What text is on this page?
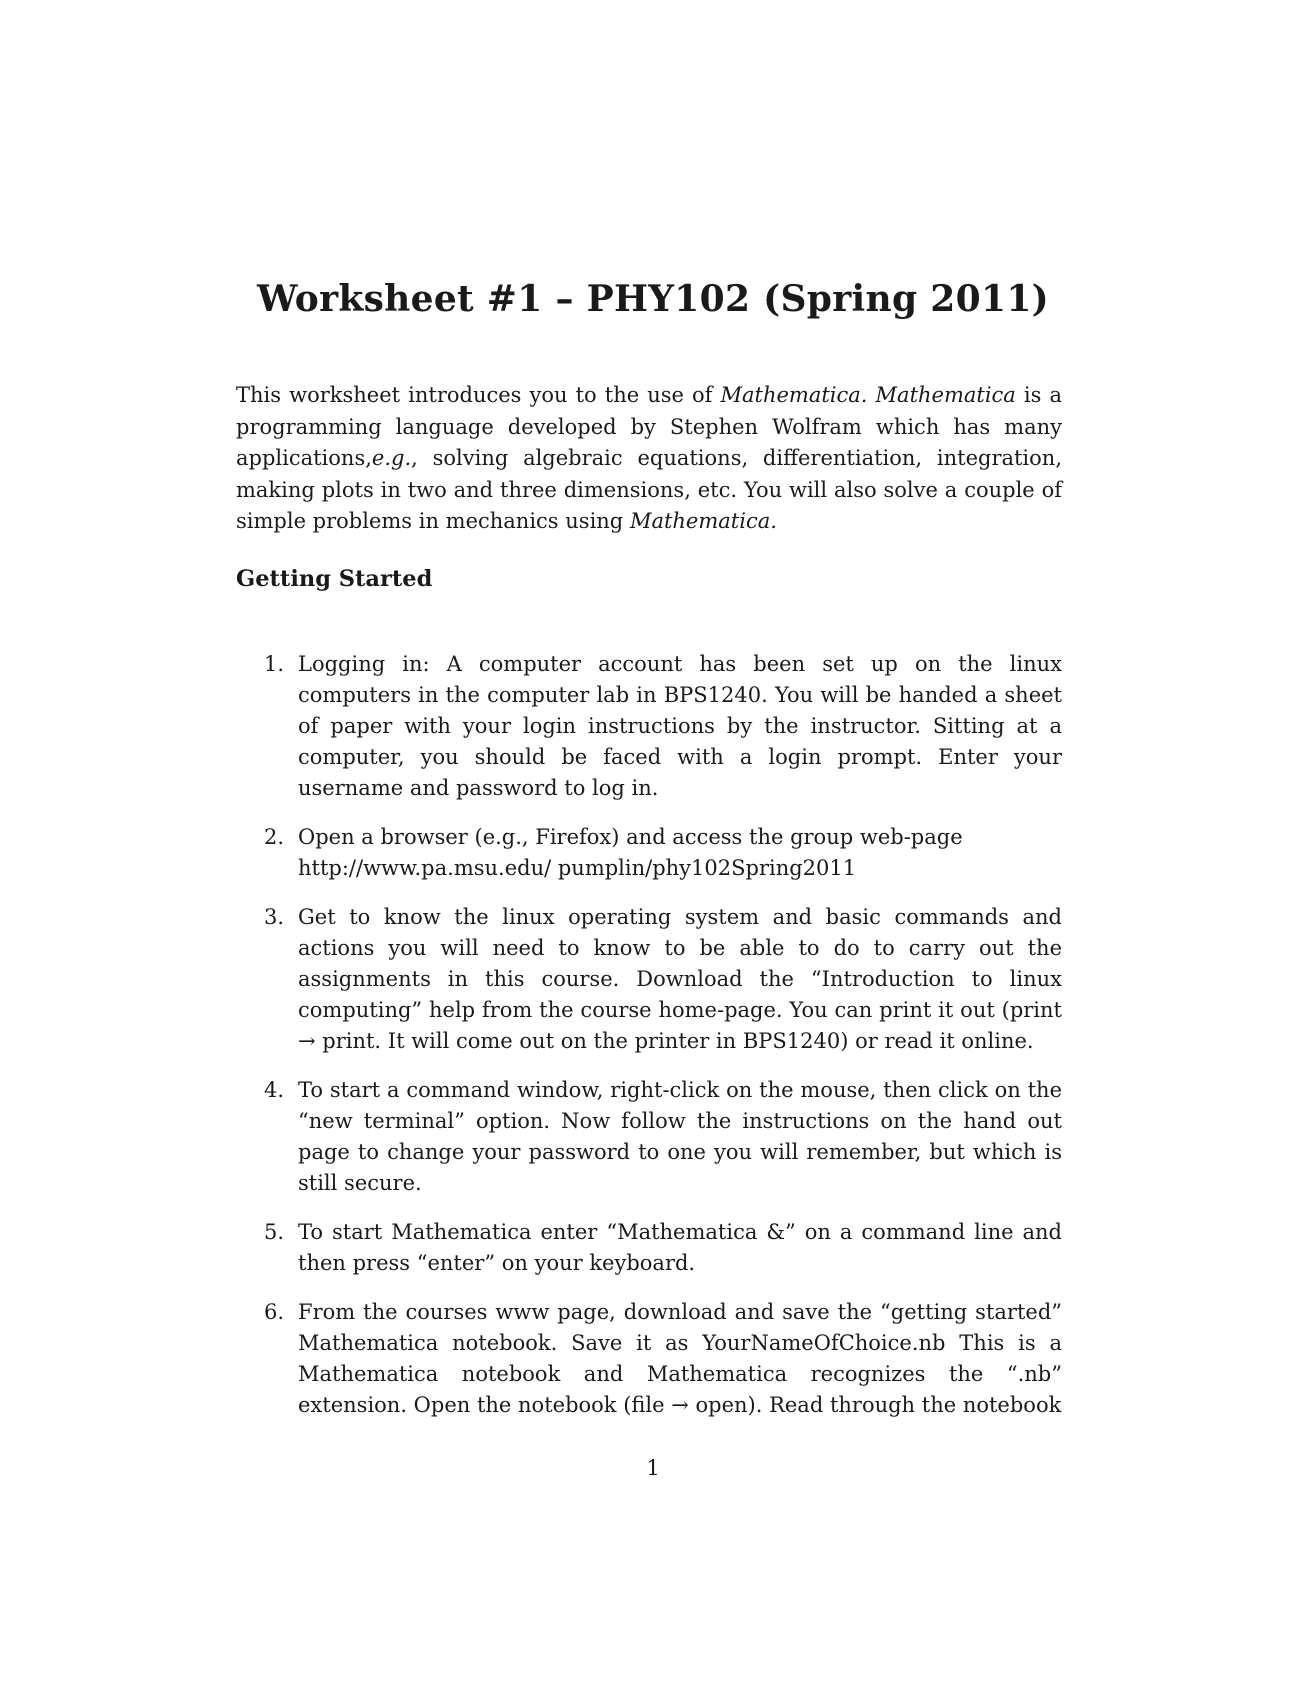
Worksheet #1 – PHY102 (Spring 2011)

This worksheet introduces you to the use of Mathematica. Mathematica is a programming language developed by Stephen Wolfram which has many applications,e.g., solving algebraic equations, differentiation, integration, making plots in two and three dimensions, etc. You will also solve a couple of simple problems in mechanics using Mathematica.

Getting Started
1. Logging in: A computer account has been set up on the linux computers in the computer lab in BPS1240. You will be handed a sheet of paper with your login instructions by the instructor. Sitting at a computer, you should be faced with a login prompt. Enter your username and password to log in.
2. Open a browser (e.g., Firefox) and access the group web-page
http://www.pa.msu.edu/ pumplin/phy102Spring2011
3. Get to know the linux operating system and basic commands and actions you will need to know to be able to do to carry out the assignments in this course. Download the “Introduction to linux computing” help from the course home-page. You can print it out (print → print. It will come out on the printer in BPS1240) or read it online.
4. To start a command window, right-click on the mouse, then click on the “new terminal” option. Now follow the instructions on the hand out page to change your password to one you will remember, but which is still secure.
5. To start Mathematica enter “Mathematica &” on a command line and then press “enter” on your keyboard.
6. From the courses www page, download and save the “getting started” Mathematica notebook. Save it as YourNameOfChoice.nb This is a Mathematica notebook and Mathematica recognizes the “.nb” extension. Open the notebook (file → open). Read through the notebook

1
